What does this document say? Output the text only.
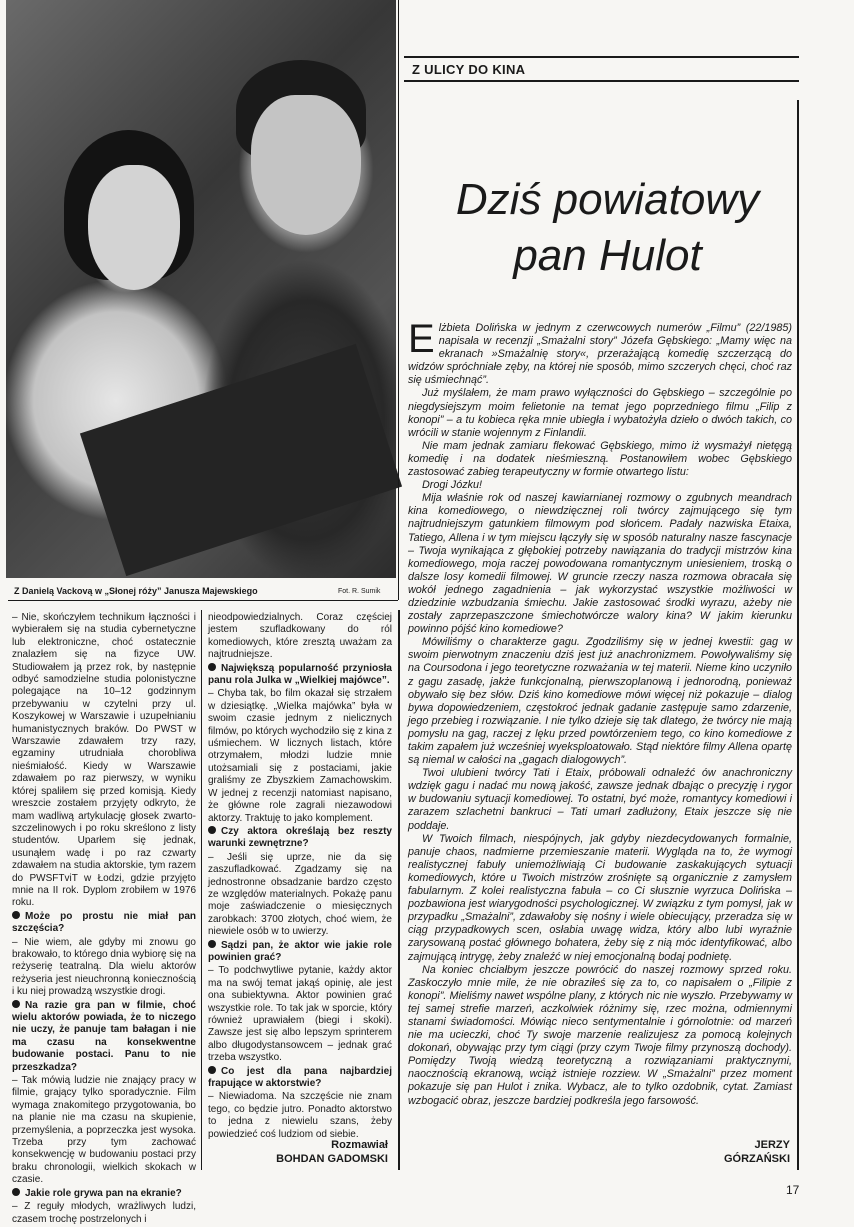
Z Danielą Vackovą w „Słonej róży” Janusza Majewskiego	Fot. R. Sumik
Z ULICY DO KINA
Dziś powiatowy
pan Hulot

Elżbieta Dolińska w jednym z czerwcowych numerów „Filmu” (22/1985) napisała w recenzji „Smażalni story” Józefa Gębskiego: „Mamy więc na ekranach »Smażalnię story«, przerażającą komedię szczerzącą do widzów spróchniałe zęby, na której nie sposób, mimo szczerych chęci, choć raz się uśmiechnąć”.

Już myślałem, że mam prawo wyłączności do Gębskiego – szczególnie po niegdysiejszym moim felietonie na temat jego poprzedniego filmu „Filip z konopi” – a tu kobieca ręka mnie ubiegła i wybatożyła dzieło o dwóch takich, co wrócili w stanie wojennym z Finlandii.

Nie mam jednak zamiaru flekować Gębskiego, mimo iż wysmażył nietęgą komedię i na dodatek nieśmieszną. Postanowiłem wobec Gębskiego zastosować zabieg terapeutyczny w formie otwartego listu:

Drogi Józku!

Mija właśnie rok od naszej kawiarnianej rozmowy o zgubnych meandrach kina komediowego, o niewdzięcznej roli twórcy zajmującego się tym najtrudniejszym gatunkiem filmowym pod słońcem. Padały nazwiska Etaixa, Tatiego, Allena i w tym miejscu łączyły się w sposób naturalny nasze fascynacje – Twoja wynikająca z głębokiej potrzeby nawiązania do tradycji mistrzów kina komediowego, moja raczej powodowana romantycznym uniesieniem, troską o dalsze losy komedii filmowej. W gruncie rzeczy nasza rozmowa obracała się wokół jednego zagadnienia – jak wykorzystać wszystkie możliwości w dziedzinie wzbudzania śmiechu. Jakie zastosować środki wyrazu, ażeby nie zostały zaprzepaszczone śmiechotwórcze walory kina? W jakim kierunku powinno pójść kino komediowe?

Mówiliśmy o charakterze gagu. Zgodziliśmy się w jednej kwestii: gag w swoim pierwotnym znaczeniu dziś jest już anachronizmem. Powoływaliśmy się na Coursodona i jego teoretyczne rozważania w tej materii. Nieme kino uczyniło z gagu zasadę, jakże funkcjonalną, pierwszoplanową i jednorodną, ponieważ obywało się bez słów. Dziś kino komediowe mówi więcej niż pokazuje – dialog bywa dopowiedzeniem, częstokroć jednak gadanie zastępuje samo zdarzenie, jego przebieg i rozwiązanie. I nie tylko dzieje się tak dlatego, że twórcy nie mają pomysłu na gag, raczej z lęku przed powtórzeniem tego, co kino komediowe z takim zapałem już wcześniej wyeksploatowało. Stąd niektóre filmy Allena opartę są niemal w całości na „gagach dialogowych”.

Twoi ulubieni twórcy Tati i Etaix, próbowali odnaleźć ów anachroniczny wdzięk gagu i nadać mu nową jakość, zawsze jednak dbając o precyzję i rygor w budowaniu sytuacji komediowej. To ostatni, być może, romantycy komediowi i zarazem szlachetni bankruci – Tati umarł zadłużony, Etaix jeszcze się nie poddaje.

W Twoich filmach, niespójnych, jak gdyby niezdecydowanych formalnie, panuje chaos, nadmierne przemieszanie materii. Wygląda na to, że wymogi realistycznej fabuły uniemożliwiają Ci budowanie zaskakujących sytuacji komediowych, które u Twoich mistrzów zrośnięte są organicznie z zamysłem fabularnym. Z kolei realistyczna fabuła – co Ci słusznie wyrzuca Dolińska – pozbawiona jest wiarygodności psychologicznej. W związku z tym pomysł, jak w przypadku „Smażalni”, zdawałoby się nośny i wiele obiecujący, przeradza się w ciąg przypadkowych scen, osłabia uwagę widza, który albo lubi wyraźnie zarysowaną postać głównego bohatera, żeby się z nią móc identyfikować, albo zajmującą intrygę, żeby znaleźć w niej emocjonalną bodaj podnietę.

Na koniec chciałbym jeszcze powrócić do naszej rozmowy sprzed roku. Zaskoczyło mnie mile, że nie obraziłeś się za to, co napisałem o „Filipie z konopi”. Mieliśmy nawet wspólne plany, z których nic nie wyszło. Przebywamy w tej samej strefie marzeń, aczkolwiek różnimy się, rzec można, odmiennymi stanami świadomości. Mówiąc nieco sentymentalnie i górnolotnie: od marzeń nie ma ucieczki, choć Ty swoje marzenie realizujesz za pomocą kolejnych dokonań, obywając przy tym ciągi (przy czym Twoje filmy przynoszą dochody). Pomiędzy Twoją wiedzą teoretyczną a rozwiązaniami praktycznymi, naocznością ekranową, wciąż istnieje rozziew. W „Smażalni” przez moment pokazuje się pan Hulot i znika. Wybacz, ale to tylko ozdobnik, cytat. Zamiast wzbogacić obraz, jeszcze bardziej podkreśla jego farsowość.

– Nie, skończyłem technikum łączności i wybierałem się na studia cybernetyczne lub elektroniczne, choć ostatecznie znalazłem się na fizyce UW. Studiowałem ją przez rok, by następnie odbyć samodzielne studia polonistyczne polegające na 10–12 godzinnym przebywaniu w czytelni przy ul. Koszykowej w Warszawie i uzupełnianiu humanistycznych braków. Do PWST w Warszawie zdawałem trzy razy, egzaminy utrudniała chorobliwa nieśmiałość. Kiedy w Warszawie zdawałem po raz pierwszy, w wyniku której spaliłem się przed komisją. Kiedy wreszcie zostałem przyjęty odkryto, że mam wadliwą artykulację głosek zwarto-szczelinowych i po roku skreślono z listy studentów. Uparłem się jednak, usunąłem wadę i po raz czwarty zdawałem na studia aktorskie, tym razem do PWSFTviT w Łodzi, gdzie przyjęto mnie na II rok. Dyplom zrobiłem w 1976 roku.

Może po prostu nie miał pan szczęścia?

– Nie wiem, ale gdyby mi znowu go brakowało, to którego dnia wybiorę się na reżyserię teatralną. Dla wielu aktorów reżyseria jest nieuchronną koniecznością i ku niej prowadzą wszystkie drogi.

Na razie gra pan w filmie, choć wielu aktorów powiada, że to niczego nie uczy, że panuje tam bałagan i nie ma czasu na konsekwentne budowanie postaci. Panu to nie przeszkadza?

– Tak mówią ludzie nie znający pracy w filmie, grający tylko sporadycznie. Film wymaga znakomitego przygotowania, bo na planie nie ma czasu na skupienie, przemyślenia, a poprzeczka jest wysoka. Trzeba przy tym zachować konsekwencję w budowaniu postaci przy braku chronologii, wielkich skokach w czasie.

Jakie role grywa pan na ekranie?

– Z reguły młodych, wrażliwych ludzi, czasem trochę postrzelonych i

nieodpowiedzialnych. Coraz częściej jestem szufladkowany do ról komediowych, które zresztą uważam za najtrudniejsze.

Największą popularność przyniosła panu rola Julka w „Wielkiej majówce”.

– Chyba tak, bo film okazał się strzałem w dziesiątkę. „Wielka majówka” była w swoim czasie jednym z nielicznych filmów, po których wychodziło się z kina z uśmiechem. W licznych listach, które otrzymałem, młodzi ludzie mnie utożsamiali się z postaciami, jakie graliśmy ze Zbyszkiem Zamachowskim. W jednej z recenzji natomiast napisano, że główne role zagrali niezawodowi aktorzy. Traktuję to jako komplement.

Czy aktora określają bez reszty warunki zewnętrzne?

– Jeśli się uprze, nie da się zaszufladkować. Zgadzamy się na jednostronne obsadzanie bardzo często ze względów materialnych. Pokażę panu moje zaświadczenie o miesięcznych zarobkach: 3700 złotych, choć wiem, że niewiele osób w to uwierzy.

Sądzi pan, że aktor wie jakie role powinien grać?

– To podchwytliwe pytanie, każdy aktor ma na swój temat jakąś opinię, ale jest ona subiektywna. Aktor powinien grać wszystkie role. To tak jak w sporcie, który również uprawiałem (biegi i skoki). Zawsze jest się albo lepszym sprinterem albo długodystansowcem – jednak grać trzeba wszystko.

Co jest dla pana najbardziej frapujące w aktorstwie?

– Niewiadoma. Na szczęście nie znam tego, co będzie jutro. Ponadto aktorstwo to jedna z niewielu szans, żeby powiedzieć coś ludziom od siebie.

Rozmawiał
BOHDAN GADOMSKI
JERZY
GÓRZAŃSKI
17
